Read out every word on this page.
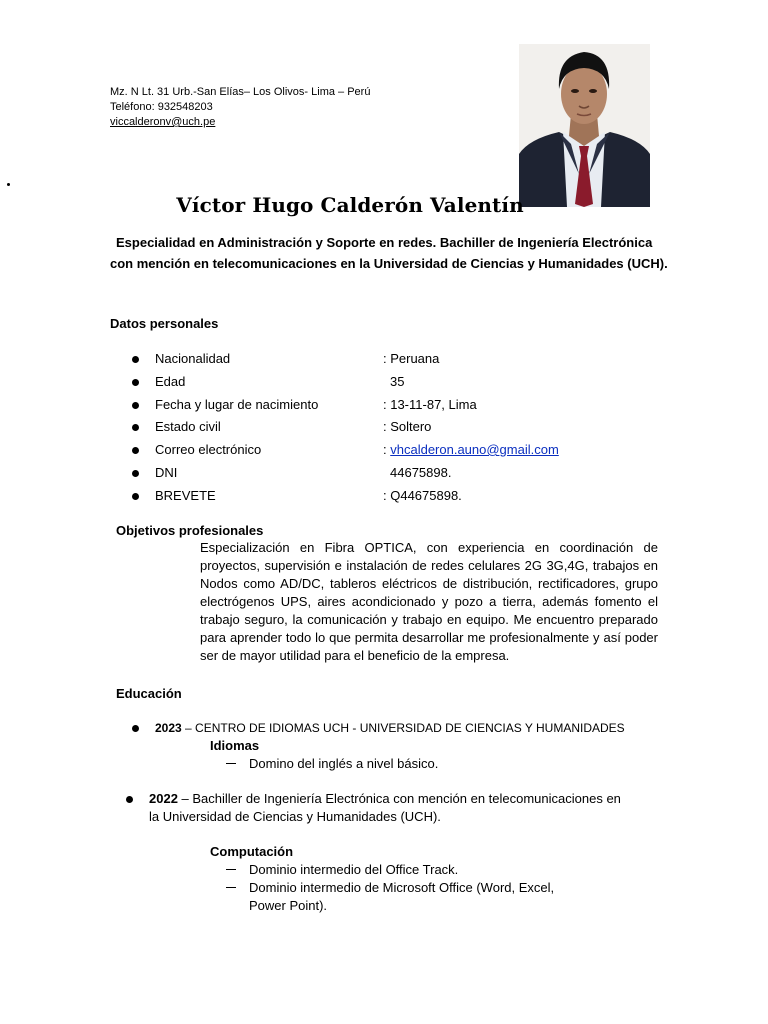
Mz. N Lt. 31 Urb.-San Elías– Los Olivos- Lima – Perú
Teléfono: 932548203
viccalderonv@uch.pe
Víctor Hugo Calderón Valentín
Especialidad en Administración y Soporte en redes. Bachiller de Ingeniería Electrónica con mención en telecomunicaciones en la Universidad de Ciencias y Humanidades (UCH).
Datos personales
Nacionalidad	: Peruana
Edad	35
Fecha y lugar de nacimiento	: 13-11-87, Lima
Estado civil	: Soltero
Correo electrónico	: vhcalderon.auno@gmail.com
DNI	44675898.
BREVETE	: Q44675898.
Objetivos profesionales
Especialización en Fibra OPTICA, con experiencia en coordinación de proyectos, supervisión e instalación de redes celulares 2G 3G,4G, trabajos en Nodos como AD/DC, tableros eléctricos de distribución, rectificadores, grupo electrógenos UPS, aires acondicionado y pozo a tierra, además fomento el trabajo seguro, la comunicación y trabajo en equipo. Me encuentro preparado para aprender todo lo que permita desarrollar me profesionalmente y así poder ser de mayor utilidad para el beneficio de la empresa.
Educación
2023 – CENTRO DE IDIOMAS UCH - UNIVERSIDAD DE CIENCIAS Y HUMANIDADES
Idiomas
Domino del inglés a nivel básico.
2022 – Bachiller de Ingeniería Electrónica con mención en telecomunicaciones en
la Universidad de Ciencias y Humanidades (UCH).
Computación
Dominio intermedio del Office Track.
Dominio intermedio de Microsoft Office (Word, Excel,
Power Point).
